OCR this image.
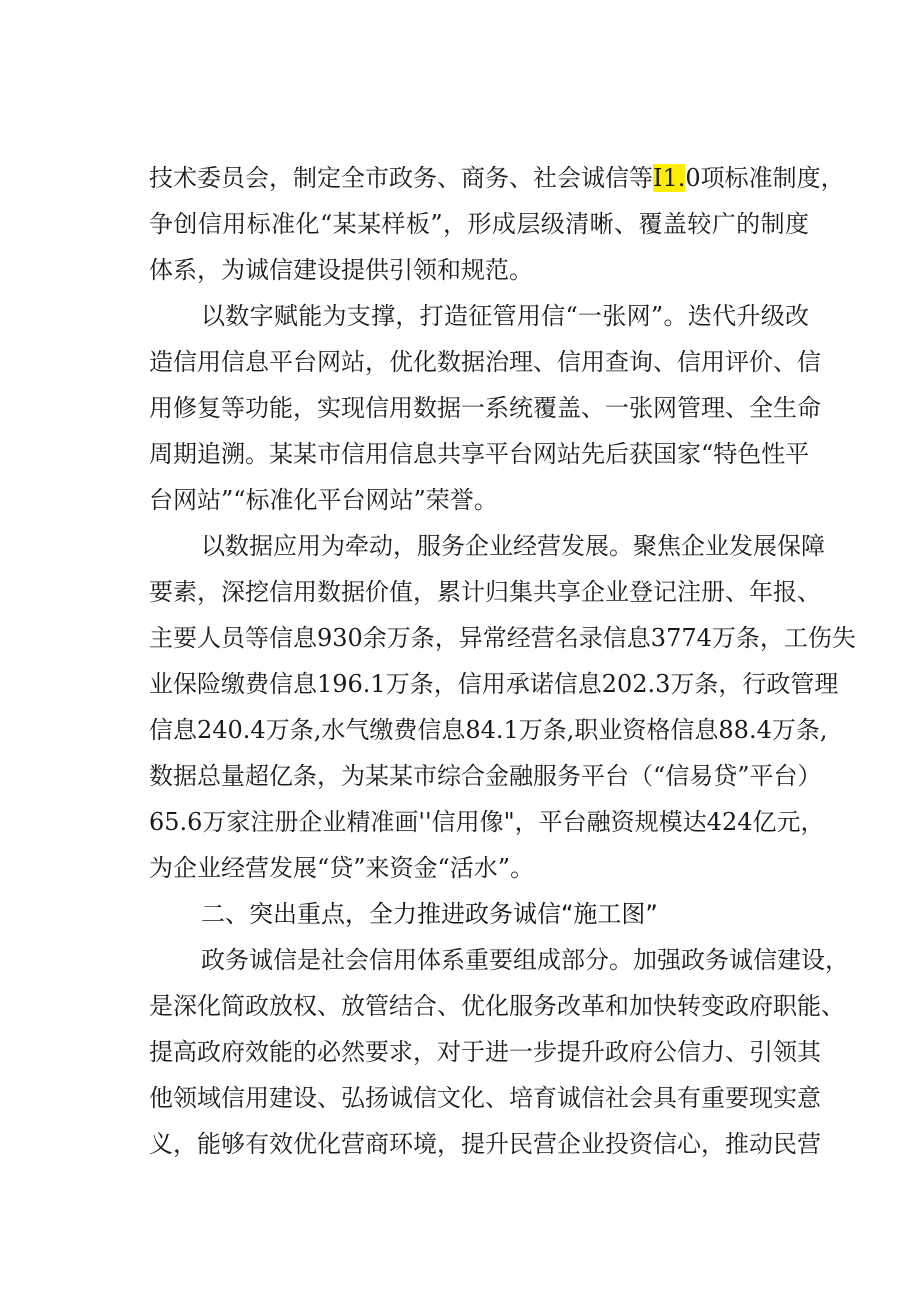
技术委员会，制定全市政务、商务、社会诚信等I1.0项标准制度，
争创信用标准化“某某样板”，形成层级清晰、覆盖较广的制度
体系，为诚信建设提供引领和规范。
以数字赋能为支撑，打造征管用信“一张网”。迭代升级改
造信用信息平台网站，优化数据治理、信用查询、信用评价、信
用修复等功能，实现信用数据一系统覆盖、一张网管理、全生命
周期追溯。某某市信用信息共享平台网站先后获国家“特色性平
台网站”“标准化平台网站”荣誉。
以数据应用为牵动，服务企业经营发展。聚焦企业发展保障
要素，深挖信用数据价值，累计归集共享企业登记注册、年报、
主要人员等信息930余万条，异常经营名录信息3774万条，工伤失
业保险缴费信息196.1万条，信用承诺信息202.3万条，行政管理
信息240.4万条,水气缴费信息84.1万条,职业资格信息88.4万条,
数据总量超亿条，为某某市综合金融服务平台（“信易贷”平台）
65.6万家注册企业精准画''信用像"，平台融资规模达424亿元，
为企业经营发展“贷”来资金“活水”。
二、突出重点，全力推进政务诚信“施工图”
政务诚信是社会信用体系重要组成部分。加强政务诚信建设，
是深化简政放权、放管结合、优化服务改革和加快转变政府职能、
提高政府效能的必然要求，对于进一步提升政府公信力、引领其
他领域信用建设、弘扬诚信文化、培育诚信社会具有重要现实意
义，能够有效优化营商环境，提升民营企业投资信心，推动民营
